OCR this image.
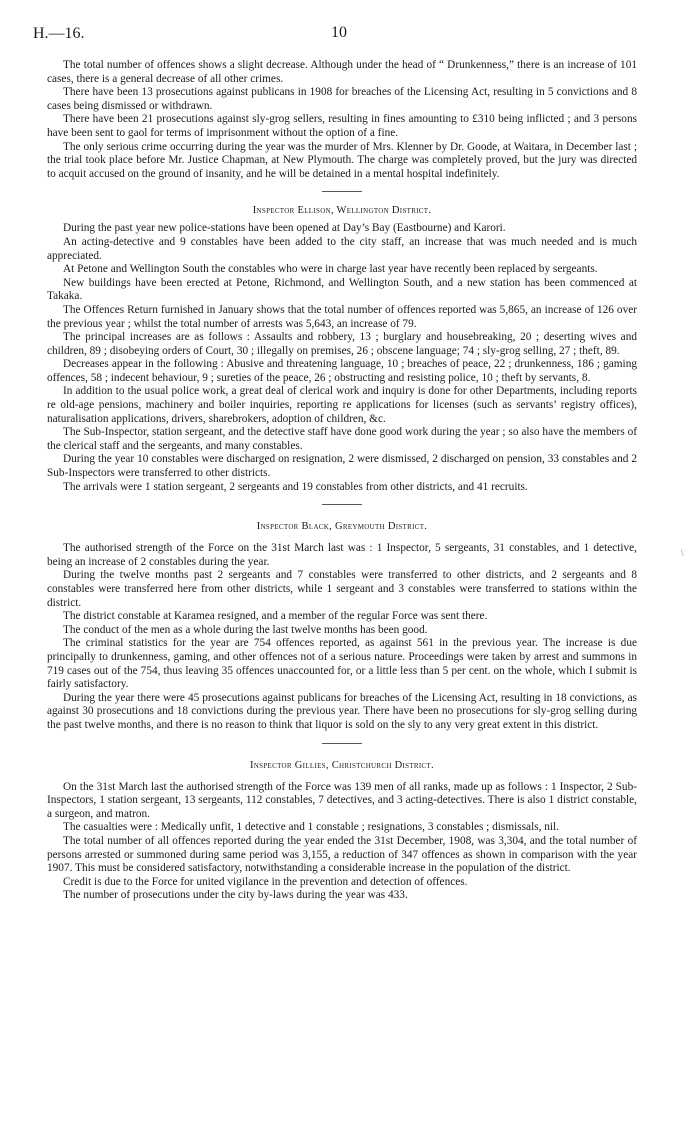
H.—16.	10

The total number of offences shows a slight decrease. Although under the head of “ Drunkenness,” there is an increase of 101 cases, there is a general decrease of all other crimes.

There have been 13 prosecutions against publicans in 1908 for breaches of the Licensing Act, resulting in 5 convictions and 8 cases being dismissed or withdrawn.

There have been 21 prosecutions against sly-grog sellers, resulting in fines amounting to £310 being inflicted ; and 3 persons have been sent to gaol for terms of imprisonment without the option of a fine.

The only serious crime occurring during the year was the murder of Mrs. Klenner by Dr. Goode, at Waitara, in December last ; the trial took place before Mr. Justice Chapman, at New Plymouth. The charge was completely proved, but the jury was directed to acquit accused on the ground of insanity, and he will be detained in a mental hospital indefinitely.

Inspector Ellison, Wellington District.

During the past year new police-stations have been opened at Day’s Bay (Eastbourne) and Karori.

An acting-detective and 9 constables have been added to the city staff, an increase that was much needed and is much appreciated.

At Petone and Wellington South the constables who were in charge last year have recently been replaced by sergeants.

New buildings have been erected at Petone, Richmond, and Wellington South, and a new station has been commenced at Takaka.

The Offences Return furnished in January shows that the total number of offences reported was 5,865, an increase of 126 over the previous year ; whilst the total number of arrests was 5,643, an increase of 79.

The principal increases are as follows : Assaults and robbery, 13 ; burglary and housebreaking, 20 ; deserting wives and children, 89 ; disobeying orders of Court, 30 ; illegally on premises, 26 ; obscene language; 74 ; sly-grog selling, 27 ; theft, 89.

Decreases appear in the following : Abusive and threatening language, 10 ; breaches of peace, 22 ; drunkenness, 186 ; gaming offences, 58 ; indecent behaviour, 9 ; sureties of the peace, 26 ; obstructing and resisting police, 10 ; theft by servants, 8.

In addition to the usual police work, a great deal of clerical work and inquiry is done for other Departments, including reports re old-age pensions, machinery and boiler inquiries, reporting re applications for licenses (such as servants’ registry offices), naturalisation applications, drivers, sharebrokers, adoption of children, &c.

The Sub-Inspector, station sergeant, and the detective staff have done good work during the year ; so also have the members of the clerical staff and the sergeants, and many constables.

During the year 10 constables were discharged on resignation, 2 were dismissed, 2 discharged on pension, 33 constables and 2 Sub-Inspectors were transferred to other districts.

The arrivals were 1 station sergeant, 2 sergeants and 19 constables from other districts, and 41 recruits.

Inspector Black, Greymouth District.

The authorised strength of the Force on the 31st March last was : 1 Inspector, 5 sergeants, 31 constables, and 1 detective, being an increase of 2 constables during the year.

During the twelve months past 2 sergeants and 7 constables were transferred to other districts, and 2 sergeants and 8 constables were transferred here from other districts, while 1 sergeant and 3 constables were transferred to stations within the district.

The district constable at Karamea resigned, and a member of the regular Force was sent there.

The conduct of the men as a whole during the last twelve months has been good.

The criminal statistics for the year are 754 offences reported, as against 561 in the previous year. The increase is due principally to drunkenness, gaming, and other offences not of a serious nature. Proceedings were taken by arrest and summons in 719 cases out of the 754, thus leaving 35 offences unaccounted for, or a little less than 5 per cent. on the whole, which I submit is fairly satisfactory.

During the year there were 45 prosecutions against publicans for breaches of the Licensing Act, resulting in 18 convictions, as against 30 prosecutions and 18 convictions during the previous year. There have been no prosecutions for sly-grog selling during the past twelve months, and there is no reason to think that liquor is sold on the sly to any very great extent in this district.

Inspector Gillies, Christchurch District.

On the 31st March last the authorised strength of the Force was 139 men of all ranks, made up as follows : 1 Inspector, 2 Sub-Inspectors, 1 station sergeant, 13 sergeants, 112 constables, 7 detectives, and 3 acting-detectives. There is also 1 district constable, a surgeon, and matron.

The casualties were : Medically unfit, 1 detective and 1 constable ; resignations, 3 constables ; dismissals, nil.

The total number of all offences reported during the year ended the 31st December, 1908, was 3,304, and the total number of persons arrested or summoned during same period was 3,155, a reduction of 347 offences as shown in comparison with the year 1907. This must be considered satisfactory, notwithstanding a considerable increase in the population of the district.

Credit is due to the Force for united vigilance in the prevention and detection of offences.

The number of prosecutions under the city by-laws during the year was 433.

\
